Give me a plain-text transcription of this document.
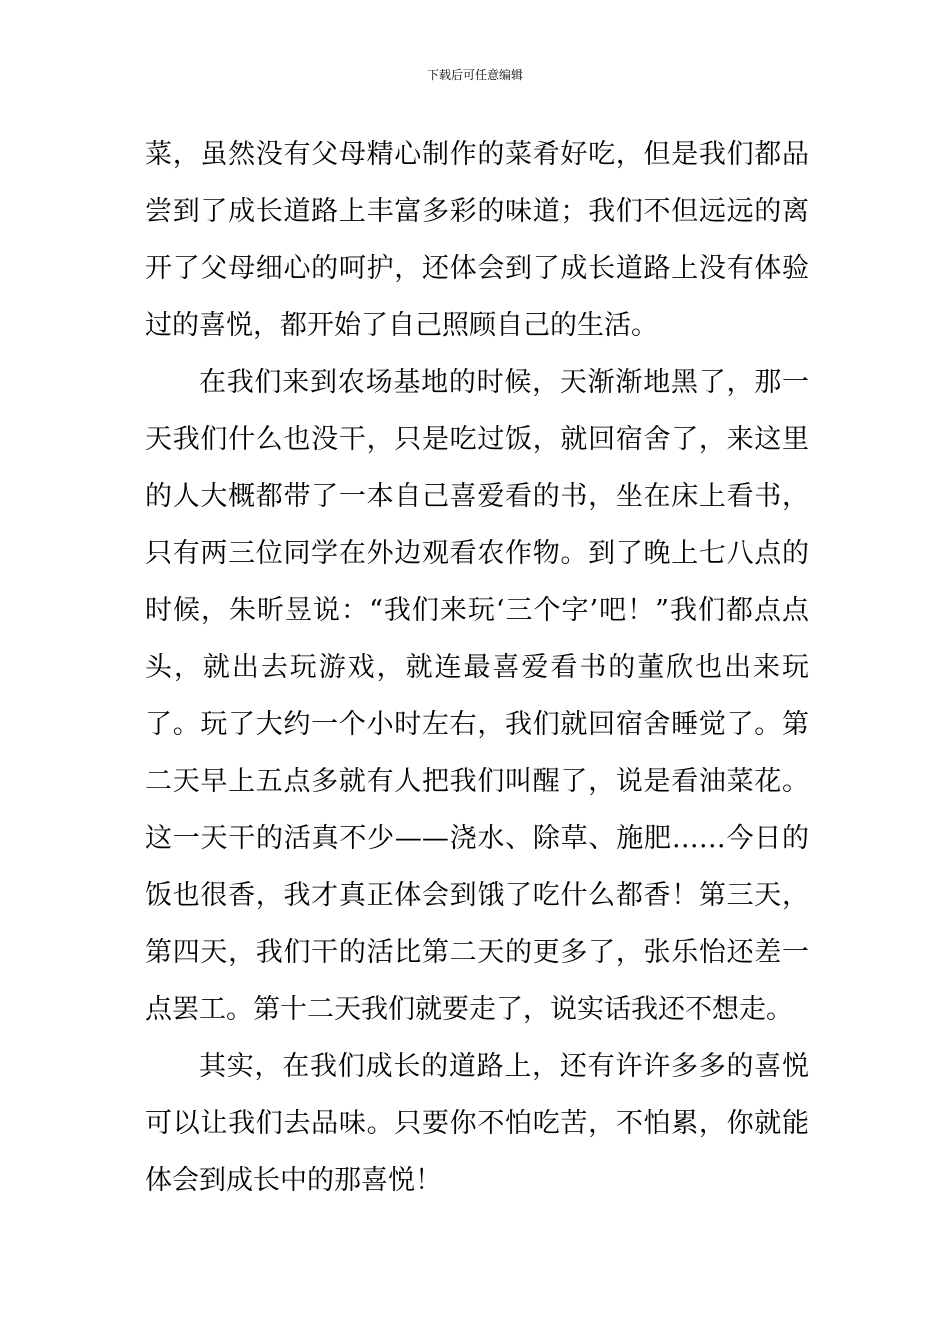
下载后可任意编辑

菜，虽然没有父母精心制作的菜肴好吃，但是我们都品尝到了成长道路上丰富多彩的味道；我们不但远远的离开了父母细心的呵护，还体会到了成长道路上没有体验过的喜悦，都开始了自己照顾自己的生活。

在我们来到农场基地的时候，天渐渐地黑了，那一天我们什么也没干，只是吃过饭，就回宿舍了，来这里的人大概都带了一本自己喜爱看的书，坐在床上看书，只有两三位同学在外边观看农作物。到了晚上七八点的时候，朱昕昱说：“我们来玩‘三个字’吧！”我们都点点头，就出去玩游戏，就连最喜爱看书的董欣也出来玩了。玩了大约一个小时左右，我们就回宿舍睡觉了。第二天早上五点多就有人把我们叫醒了，说是看油菜花。这一天干的活真不少——浇水、除草、施肥……今日的饭也很香，我才真正体会到饿了吃什么都香！第三天，第四天，我们干的活比第二天的更多了，张乐怡还差一点罢工。第十二天我们就要走了，说实话我还不想走。

其实，在我们成长的道路上，还有许许多多的喜悦可以让我们去品味。只要你不怕吃苦，不怕累，你就能体会到成长中的那喜悦！
